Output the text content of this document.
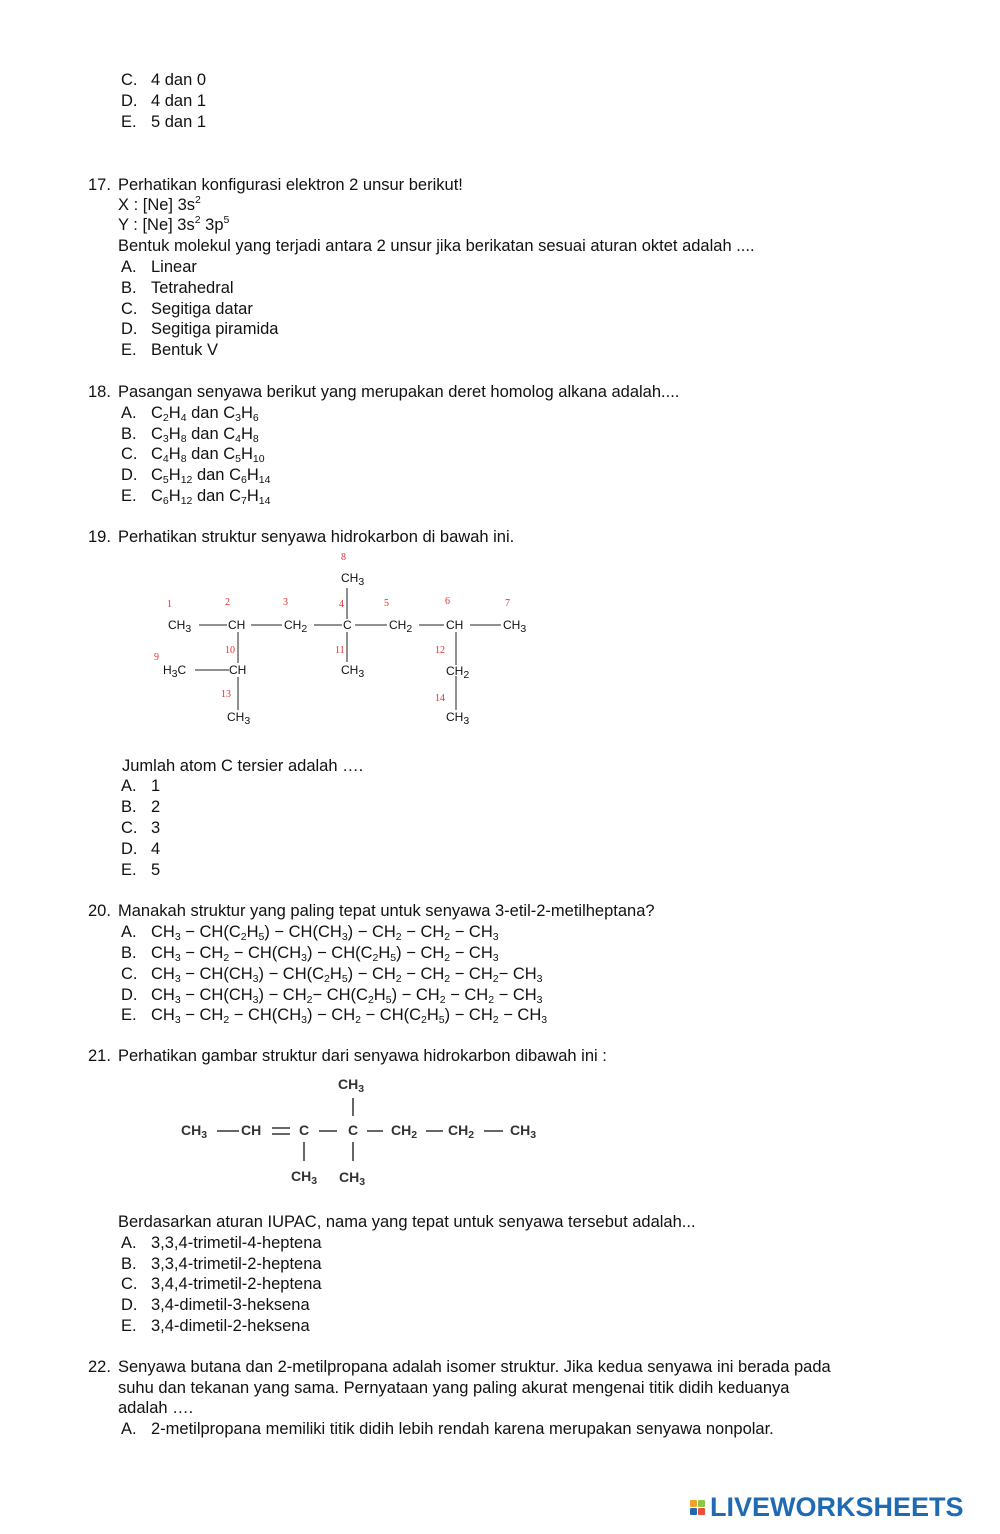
C. 4 dan 0
D. 4 dan 1
E. 5 dan 1
17. Perhatikan konfigurasi elektron 2 unsur berikut!
X : [Ne] $3s^2$
Y : [Ne] $3s^2$ $3p^5$
Bentuk molekul yang terjadi antara 2 unsur jika berikatan sesuai aturan oktet adalah ....
A. Linear
B. Tetrahedral
C. Segitiga datar
D. Segitiga piramida
E. Bentuk V
18. Pasangan senyawa berikut yang merupakan deret homolog alkana adalah....
A. $C_2H_4$ dan $C_3H_6$
B. $C_3H_8$ dan $C_4H_8$
C. $C_4H_8$ dan $C_5H_{10}$
D. $C_5H_{12}$ dan $C_6H_{14}$
E. $C_6H_{12}$ dan $C_7H_{14}$
19. Perhatikan struktur senyawa hidrokarbon di bawah ini.
8
1	2	3	4	5	6	7
9
10	11	12
13	14
$CH_3$
$CH_3$	CH	$CH_2$	C	$CH_2$	CH	$CH_3$
$H_3C$	CH	$CH_3$	$CH_2$
$CH_3$	$CH_3$
Jumlah atom C tersier adalah ….
A. 1
B. 2
C. 3
D. 4
E. 5
20. Manakah struktur yang paling tepat untuk senyawa 3-etil-2-metilheptana?
A. $CH_3 - CH(C_2H_5) - CH(CH_3) - CH_2 - CH_2 - CH_3$
B. $CH_3 - CH_2 - CH(CH_3) - CH(C_2H_5) - CH_2 - CH_3$
C. $CH_3 - CH(CH_3) - CH(C_2H_5) - CH_2 - CH_2 - CH_2- CH_3$
D. $CH_3 - CH(CH_3) - CH_2- CH(C_2H_5) - CH_2 - CH_2 - CH_3$
E. $CH_3 - CH_2 - CH(CH_3) - CH_2 - CH(C_2H_5) - CH_2 - CH_3$
21. Perhatikan gambar struktur dari senyawa hidrokarbon dibawah ini :
$CH_3$
$CH_3$ CH	C	C $CH_2$ $CH_2$	$CH_3$
$CH_3$ $CH_3$
Berdasarkan aturan IUPAC, nama yang tepat untuk senyawa tersebut adalah...
A. 3,3,4-trimetil-4-heptena
B. 3,3,4-trimetil-2-heptena
C. 3,4,4-trimetil-2-heptena
D. 3,4-dimetil-3-heksena
E. 3,4-dimetil-2-heksena
22. Senyawa butana dan 2-metilpropana adalah isomer struktur. Jika kedua senyawa ini berada pada
suhu dan tekanan yang sama. Pernyataan yang paling akurat mengenai titik didih keduanya
adalah ….
A. 2-metilpropana memiliki titik didih lebih rendah karena merupakan senyawa nonpolar.
LIVEWORKSHEETS
